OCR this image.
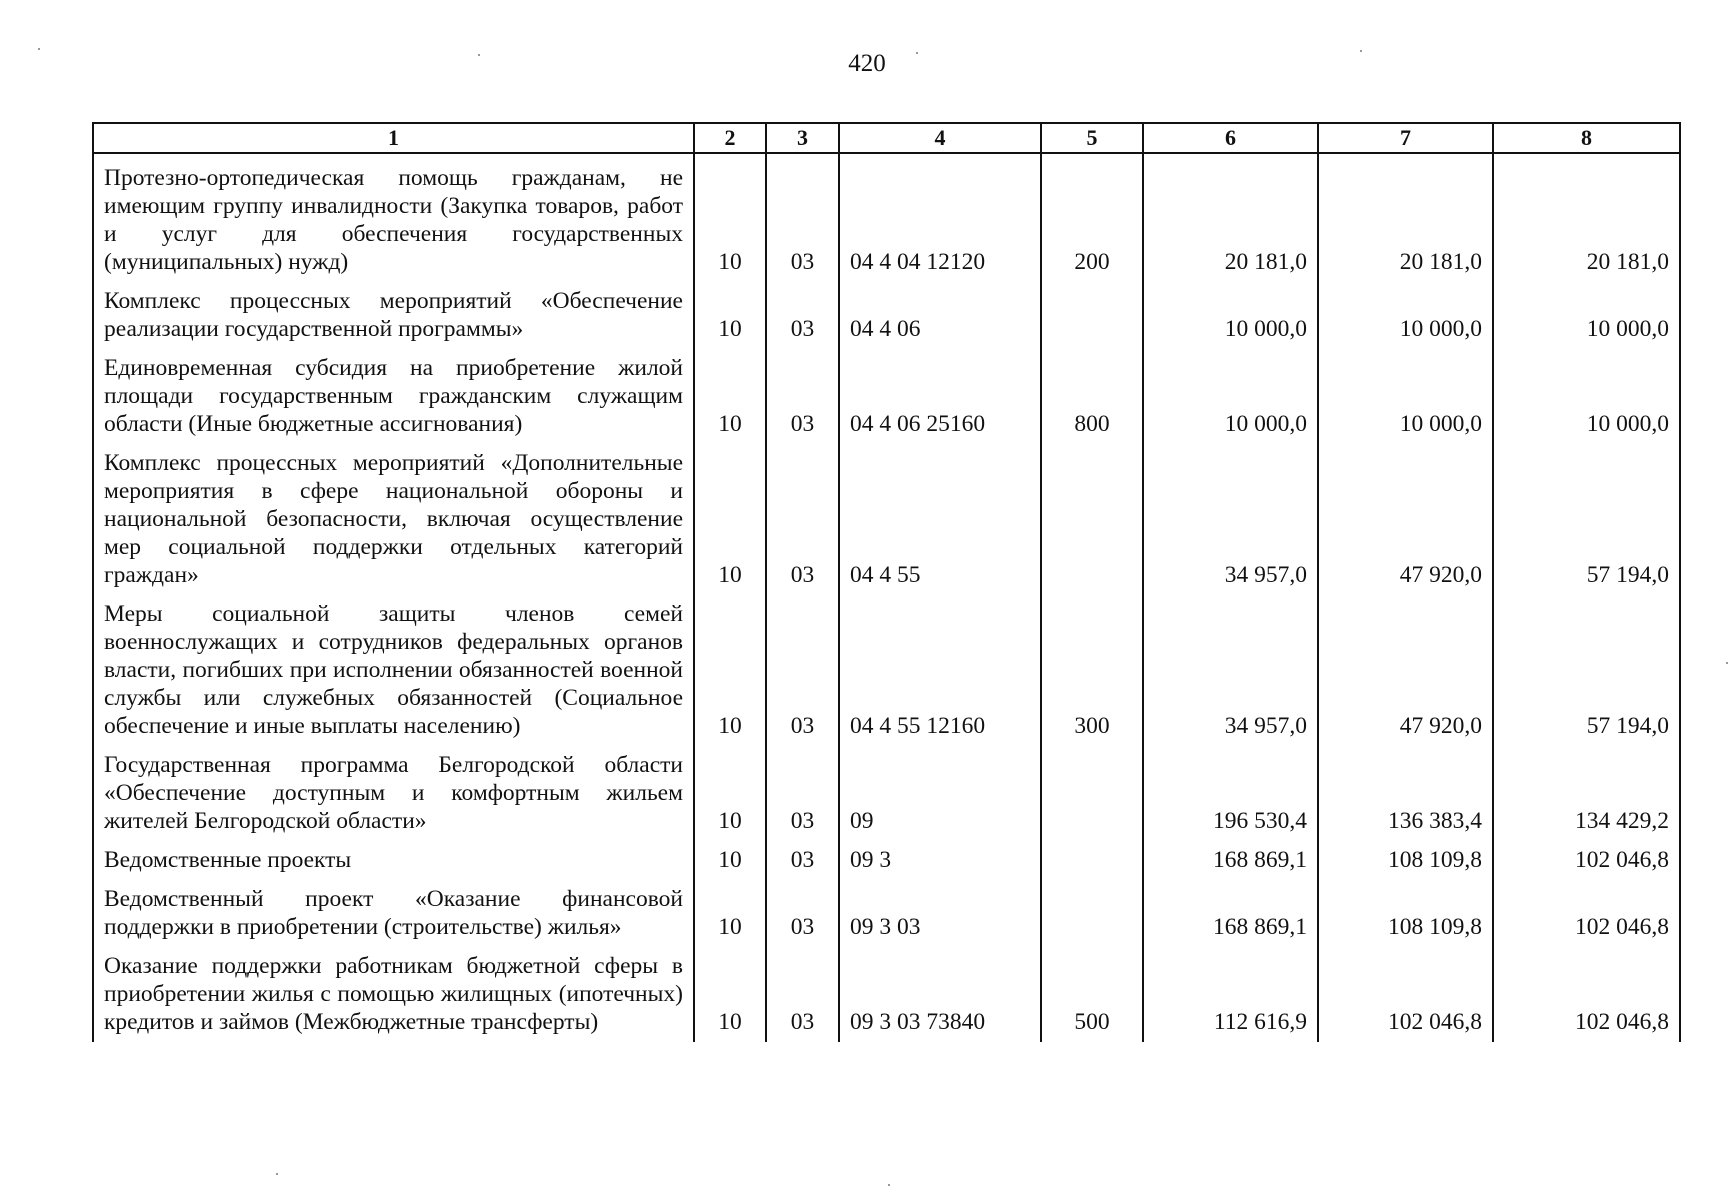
420
1	2	3	4	5	6	7	8
Протезно-ортопедическая помощь гражданам, не имеющим группу инвалидности (Закупка товаров, работ и услуг для обеспечения государственных (муниципальных) нужд)	10	03	04 4 04 12120	200	20 181,0	20 181,0	20 181,0
Комплекс процессных мероприятий «Обеспечение реализации государственной программы»	10	03	04 4 06		10 000,0	10 000,0	10 000,0
Единовременная субсидия на приобретение жилой площади государственным гражданским служащим области (Иные бюджетные ассигнования)	10	03	04 4 06 25160	800	10 000,0	10 000,0	10 000,0
Комплекс процессных мероприятий «Дополнительные мероприятия в сфере национальной обороны и национальной безопасности, включая осуществление мер социальной поддержки отдельных категорий граждан»	10	03	04 4 55		34 957,0	47 920,0	57 194,0
Меры социальной защиты членов семей военнослужащих и сотрудников федеральных органов власти, погибших при исполнении обязанностей военной службы или служебных обязанностей (Социальное обеспечение и иные выплаты населению)	10	03	04 4 55 12160	300	34 957,0	47 920,0	57 194,0
Государственная программа Белгородской области «Обеспечение доступным и комфортным жильем жителей Белгородской области»	10	03	09		196 530,4	136 383,4	134 429,2
Ведомственные проекты	10	03	09 3		168 869,1	108 109,8	102 046,8
Ведомственный проект «Оказание финансовой поддержки в приобретении (строительстве) жилья»	10	03	09 3 03		168 869,1	108 109,8	102 046,8
Оказание поддержки работникам бюджетной сферы в приобретении жилья с помощью жилищных (ипотечных) кредитов и займов (Межбюджетные трансферты)	10	03	09 3 03 73840	500	112 616,9	102 046,8	102 046,8
